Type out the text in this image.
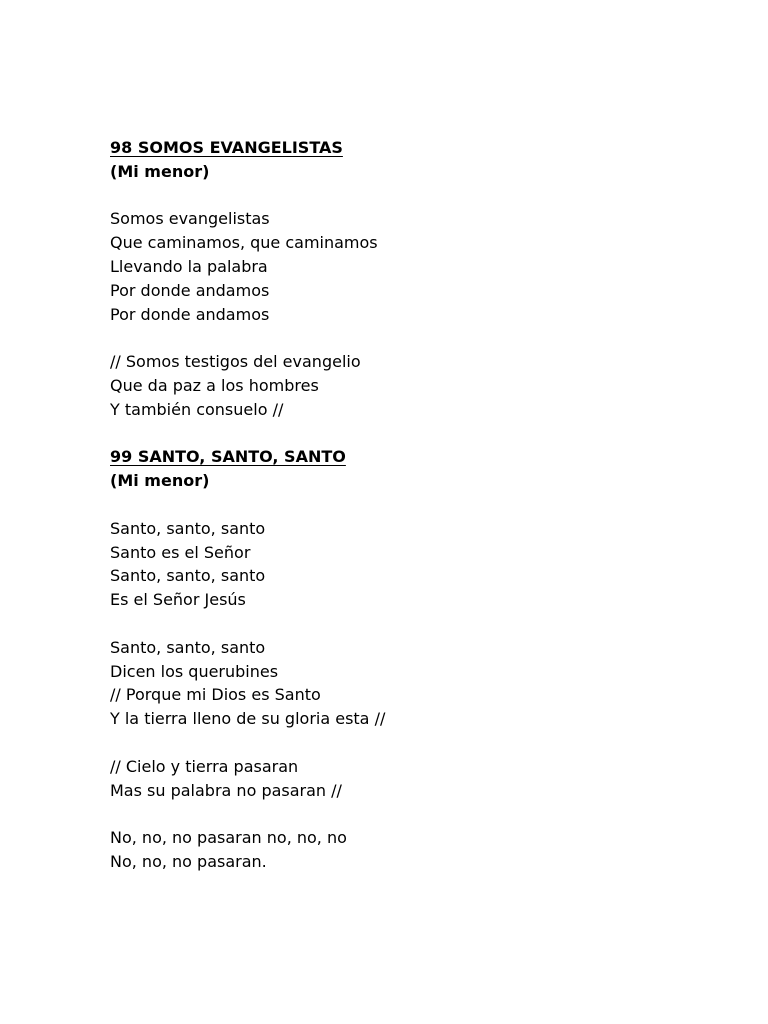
98 SOMOS EVANGELISTAS
(Mi menor)
Somos evangelistas
Que caminamos, que caminamos
Llevando la palabra
Por donde andamos
Por donde andamos
// Somos testigos del evangelio
Que da paz a los hombres
Y también consuelo //
99 SANTO, SANTO, SANTO
(Mi menor)
Santo, santo, santo
Santo es el Señor
Santo, santo, santo
Es el Señor Jesús
Santo, santo, santo
Dicen los querubines
// Porque mi Dios es Santo
Y la tierra lleno de su gloria esta //
// Cielo y tierra pasaran
Mas su palabra no pasaran //
No, no, no pasaran no, no, no
No, no, no pasaran.
